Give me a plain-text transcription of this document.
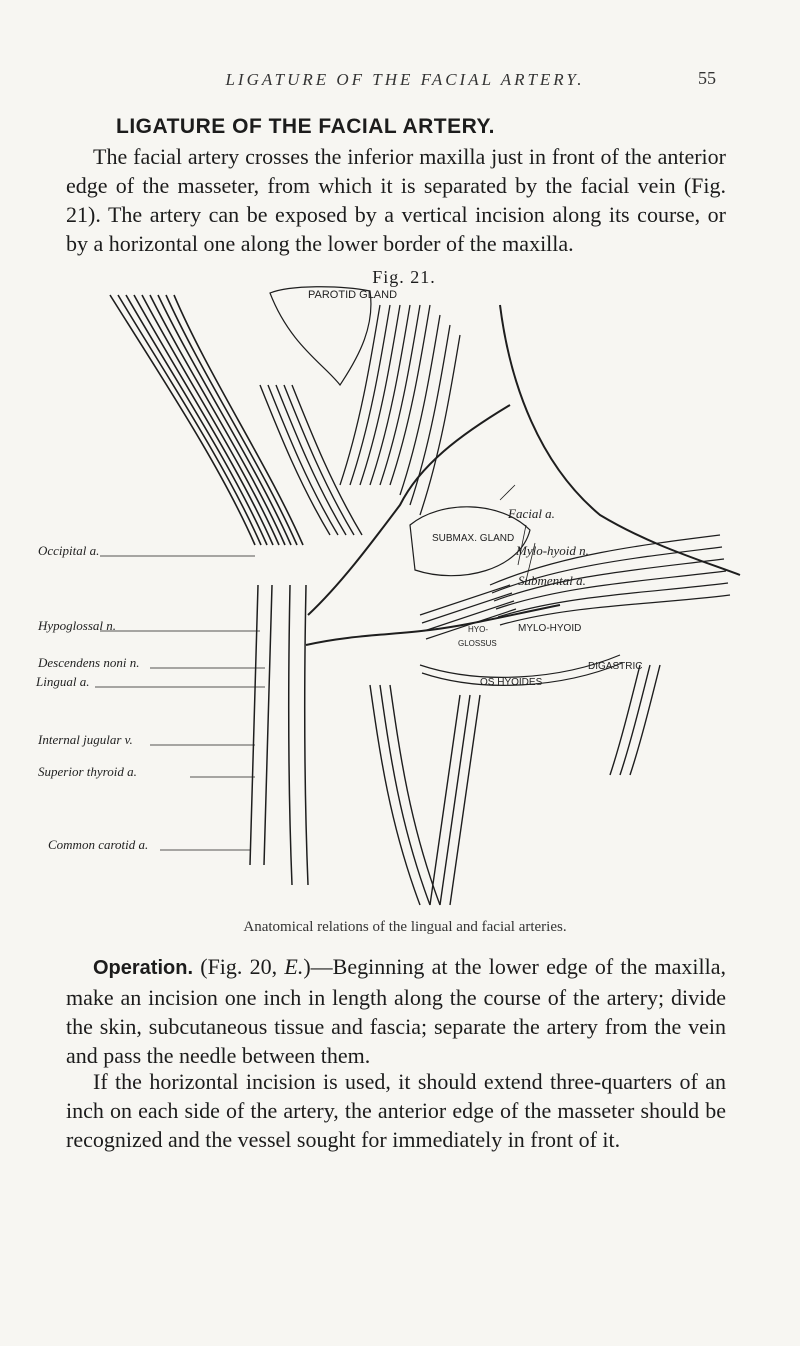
LIGATURE OF THE FACIAL ARTERY.	55
LIGATURE OF THE FACIAL ARTERY.

The facial artery crosses the inferior maxilla just in front of the anterior edge of the masseter, from which it is separated by the facial vein (Fig. 21). The artery can be exposed by a vertical incision along its course, or by a horizontal one along the lower border of the maxilla.

Fig. 21.
Occipital a.
Hypoglossal n.
Descendens noni n.
Lingual a.
Internal jugular v.
Superior thyroid a.
Common carotid a.
Facial a.
Mylo-hyoid n.
Submental a.
PAROTID GLAND
SUBMAX. GLAND
HYO-
GLOSSUS
MYLO-HYOID
DIGASTRIC
OS HYOIDES
Anatomical relations of the lingual and facial arteries.

Operation. (Fig. 20, E.)—Beginning at the lower edge of the maxilla, make an incision one inch in length along the course of the artery; divide the skin, subcutaneous tissue and fascia; separate the artery from the vein and pass the needle between them.

If the horizontal incision is used, it should extend three-quarters of an inch on each side of the artery, the anterior edge of the masseter should be recognized and the vessel sought for immediately in front of it.
